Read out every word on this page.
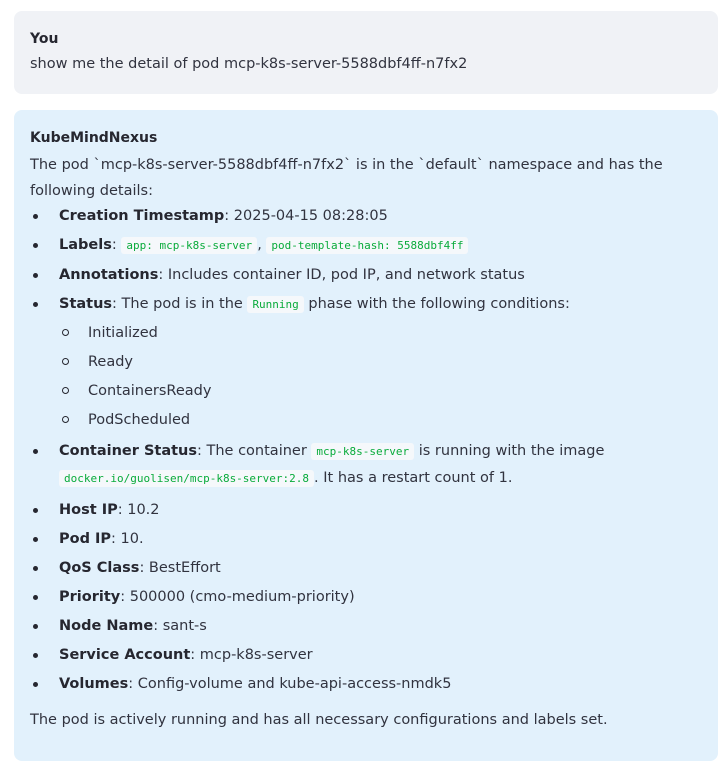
You

show me the detail of pod mcp-k8s-server-5588dbf4ff-n7fx2

KubeMindNexus

The pod `mcp-k8s-server-5588dbf4ff-n7fx2` is in the `default` namespace and has the following details:

Creation Timestamp: 2025-04-15 08:28:05
Labels: app: mcp-k8s-server , pod-template-hash: 5588dbf4ff
Annotations: Includes container ID, pod IP, and network status
Status: The pod is in the Running phase with the following conditions:
Initialized
Ready
ContainersReady
PodScheduled
Container Status: The container mcp-k8s-server is running with the image docker.io/guolisen/mcp-k8s-server:2.8 . It has a restart count of 1.
Host IP: 10.2
Pod IP: 10.
QoS Class: BestEffort
Priority: 500000 (cmo-medium-priority)
Node Name: sant-s
Service Account: mcp-k8s-server
Volumes: Config-volume and kube-api-access-nmdk5

The pod is actively running and has all necessary configurations and labels set.
